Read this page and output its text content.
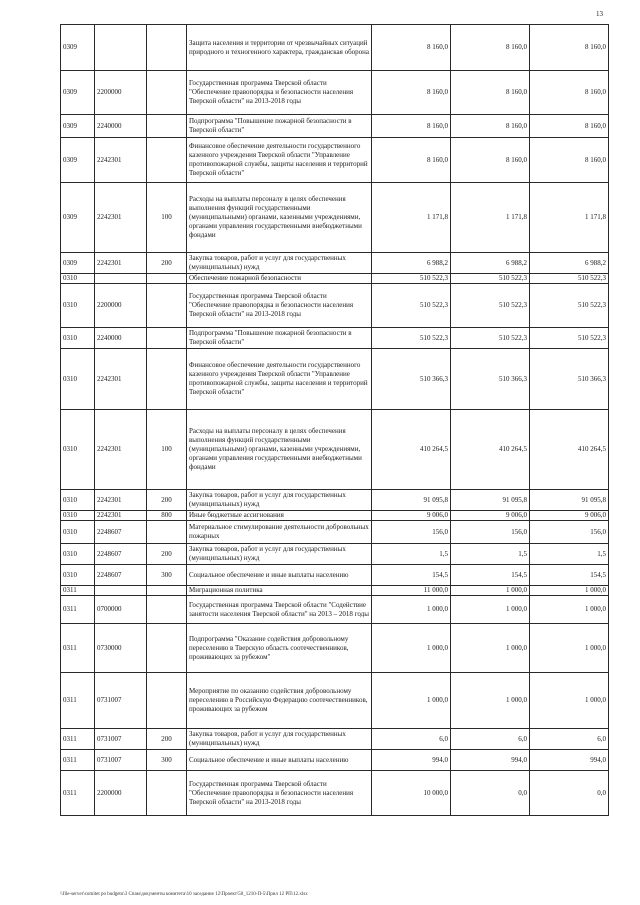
13
0309			Защита населения и территории от чрезвычайных ситуаций природного и техногенного характера, гражданская оборона	8 160,0	8 160,0	8 160,0
0309	2200000		Государственная программа Тверской области "Обеспечение правопорядка и безопасности населения Тверской области" на 2013-2018 годы	8 160,0	8 160,0	8 160,0
0309	2240000		Подпрограмма "Повышение пожарной безопасности в Тверской области"	8 160,0	8 160,0	8 160,0
0309	2242301		Финансовое обеспечение деятельности государственного казенного учреждения Тверской области "Управление противопожарной службы, защиты населения и территорий Тверской области"	8 160,0	8 160,0	8 160,0
0309	2242301	100	Расходы на выплаты персоналу в целях обеспечения выполнения функций государственными (муниципальными) органами, казенными учреждениями, органами управления государственными внебюджетными фондами	1 171,8	1 171,8	1 171,8
0309	2242301	200	Закупка товаров, работ и услуг для государственных (муниципальных) нужд	6 988,2	6 988,2	6 988,2
0310			Обеспечение пожарной безопасности	510 522,3	510 522,3	510 522,3
0310	2200000		Государственная программа Тверской области "Обеспечение правопорядка и безопасности населения Тверской области" на 2013-2018 годы	510 522,3	510 522,3	510 522,3
0310	2240000		Подпрограмма "Повышение пожарной безопасности в Тверской области"	510 522,3	510 522,3	510 522,3
0310	2242301		Финансовое обеспечение деятельности государственного казенного учреждения Тверской области "Управление противопожарной службы, защиты населения и территорий Тверской области"	510 366,3	510 366,3	510 366,3
0310	2242301	100	Расходы на выплаты персоналу в целях обеспечения выполнения функций государственными (муниципальными) органами, казенными учреждениями, органами управления государственными внебюджетными фондами	410 264,5	410 264,5	410 264,5
0310	2242301	200	Закупка товаров, работ и услуг для государственных (муниципальных) нужд	91 095,8	91 095,8	91 095,8
0310	2242301	800	Иные бюджетные ассигнования	9 006,0	9 006,0	9 006,0
0310	2248607		Материальное стимулирование деятельности добровольных пожарных	156,0	156,0	156,0
0310	2248607	200	Закупка товаров, работ и услуг для государственных (муниципальных) нужд	1,5	1,5	1,5
0310	2248607	300	Социальное обеспечение и иные выплаты населению	154,5	154,5	154,5
0311			Миграционная политика	11 000,0	1 000,0	1 000,0
0311	0700000		Государственная программа Тверской области "Содействие занятости населения Тверской области" на 2013 – 2018 годы	1 000,0	1 000,0	1 000,0
0311	0730000		Подпрограмма "Оказание содействия добровольному переселению в Тверскую область соотечественников, проживающих за рубежом"	1 000,0	1 000,0	1 000,0
0311	0731007		Мероприятие по оказанию содействия добровольному переселению в Российскую Федерацию соотечественников, проживающих за рубежом	1 000,0	1 000,0	1 000,0
0311	0731007	200	Закупка товаров, работ и услуг для государственных (муниципальных) нужд	6,0	6,0	6,0
0311	0731007	300	Социальное обеспечение и иные выплаты населению	994,0	994,0	994,0
0311	2200000		Государственная программа Тверской области "Обеспечение правопорядка и безопасности населения Тверской области" на 2013-2018 годы	10 000,0	0,0	0,0
\\file-server\comitet po budgetu\3 Спам\документы комитета\10 заседание 12\Проект\50_1210-П-5\Прил 12 РП\12.xlsx
